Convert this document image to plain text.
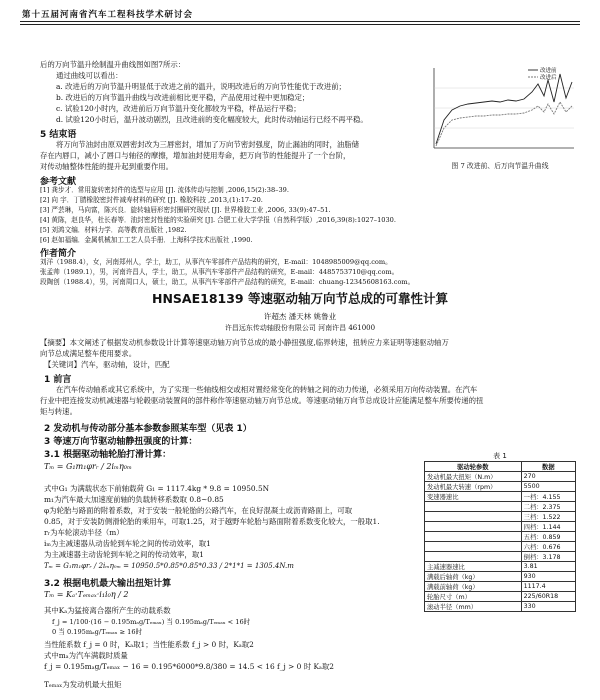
第十五届河南省汽车工程科技学术研讨会
后的万向节温升绘制温升曲线图如图7所示：
通过曲线可以看出：
a. 改进后的万向节温升明显低于改进之前的温升，说明改进后的万向节性能优于改进前；
b. 改进后的万向节温升曲线与改进前相比更平稳，产品使用过程中更加稳定；
c. 试验120小时内，改进前后万向节温升变化都较为平稳，样品运行平稳；
d. 试验120小时后，温升波动剧烈，且改进前的变化幅度较大，此时传动轴运行已经不再平稳。
5 结束语
将万向节油封由原双唇密封改为三唇密封，增加了万向节密封强度，防止漏油的同时，油脂储
存在内唇口，减小了唇口与轴径的摩擦，增加油封使用寿命，把万向节的性能提升了一个台阶，
对传动轴整体性能的提升起到重要作用。
参考文献
[1] 龚步才．常用旋转密封件的选型与应用 [J]. 流体传动与控制 ,2006,15(2):38–39.
[2] 向 宇．丁腈橡胶密封件减寿材料的研究 [J]. 橡胶科技 ,2013,(1):17–20.
[3] 严芸琳，马向富，陈兴良．旋转轴唇形密封圈研究现状 [J]. 世界橡胶工业 ,2006, 33(9):47–51.
[4] 黄陈，赵良华，杜长春等．油封密封性能的实验研究 [J]. 合肥工业大学学报（自然科学版）,2016,39(8):1027–1030.
[5] 刘鸿文编．材料力学．高等教育出版社 ,1982.
[6] 赵如福编．金属机械加工工艺人员手册．上海科学技术出版社 ,1990.
作者简介
刘洋（1988.4），女，河南郑州人，学士，助工，从事汽车零部件产品结构的研究，E-mail：1048985009@qq.com。
张孟帅（1989.1），男，河南许昌人，学士，助工，从事汽车零部件产品结构的研究，E-mail：4485753710@qq.com。
段陶创（1988.4），男，河南周口人，硕士，助工，从事汽车零部件产品结构的研究，E-mail：chuang-12345608163.com。
改进前
改进后
图 7 改进前、后万向节温升曲线
HNSAE18139 等速驱动轴万向节总成的可靠性计算
许超杰 潘天林 姚鲁业
许昌远东传动轴股份有限公司 河南许昌 461000
【摘要】本文阐述了根据发动机参数设计计算等速驱动轴万向节总成的最小静扭强度,临界转速，扭转应力来证明等速驱动轴万
向节总成满足整车使用要求。
【关键词】汽车，驱动轴，设计，匹配
1 前言
在汽车传动轴系或其它系统中，为了实现一些轴线相交或相对置经常变化的转轴之间的动力传递，必须采用万向传动装置。在汽车
行业中把连接发动机减速器与轮毂驱动装置间的部件称作等速驱动轴万向节总成。等速驱动轴万向节总成设计应能满足整车所要传递的扭
矩与转速。
2 发动机与传动部分基本参数参照某车型（见表 1）
3 等速万向节驱动轴静扭强度的计算：
3.1 根据驱动轴轮胎打滑计算：
Tₘ = G₁m₁φrᵣ / 2iₘη₀ₘ
式中G₁ 为满载状态下前轴载荷 G₁ = 1117.4kg * 9.8 = 10950.5N
m₁为汽车最大加速度前轴的负载转移系数取 0.8~0.85
φ为轮胎与路面的附着系数，对于安装一般轮胎的公路汽车，在良好混凝土或沥青路面上，可取
0.85，对于安装防侧滑轮胎的乘用车，可取1.25，对于越野车轮胎与路面附着系数变化较大，一般取1.
rᵣ为车轮滚动半径（m）
iₘ为主减速器从动齿轮到车轮之间的传动效率，取1
为主减速器主动齿轮到车轮之间的传动效率，取1
Tₘ = G₁m₁φrᵣ / 2iₘη₀ₘ = 10950.5*0.85*0.85*0.33 / 2*1*1 = 1305.4N.m
3.2 根据电机最大输出扭矩计算
Tₘ = Kₐ·Tₑₘₐₓ·i₁i₀η / 2
其中Kₐ为猛接离合器所产生的动载系数
f_j = 1/100·(16 − 0.195mₐg/Tₑₘₐₓ) 当 0.195mₐg/Tₑₘₐₓ < 16时
0 当 0.195mₐg/Tₑₘₐₓ ≥ 16时
当性能系数 f_j = 0 时，Kₐ取1；当性能系数 f_j > 0 时，Kₐ取2
式中mₐ为汽车满载时质量
f_j = 0.195mₐg/Tₑₘₐₓ − 16 = 0.195*6000*9.8/380 = 14.5 < 16 f_j > 0 时 Kₐ取2
Tₑₘₐₓ为发动机最大扭矩
表 1
驱动轮参数	数据
发动机最大扭矩（N.m）	270
发动机最大转速（rpm）	5500
变速器速比	一档：4.155
	二档：2.375
	三档：1.522
	四档：1.144
	五档：0.859
	六档：0.676
	倒档：3.178
主减速器速比	3.81
满载后轴荷（kg）	930
满载前轴荷（kg）	1117.4
轮胎尺寸（m）	225/60R18
滚动半径（mm）	330
